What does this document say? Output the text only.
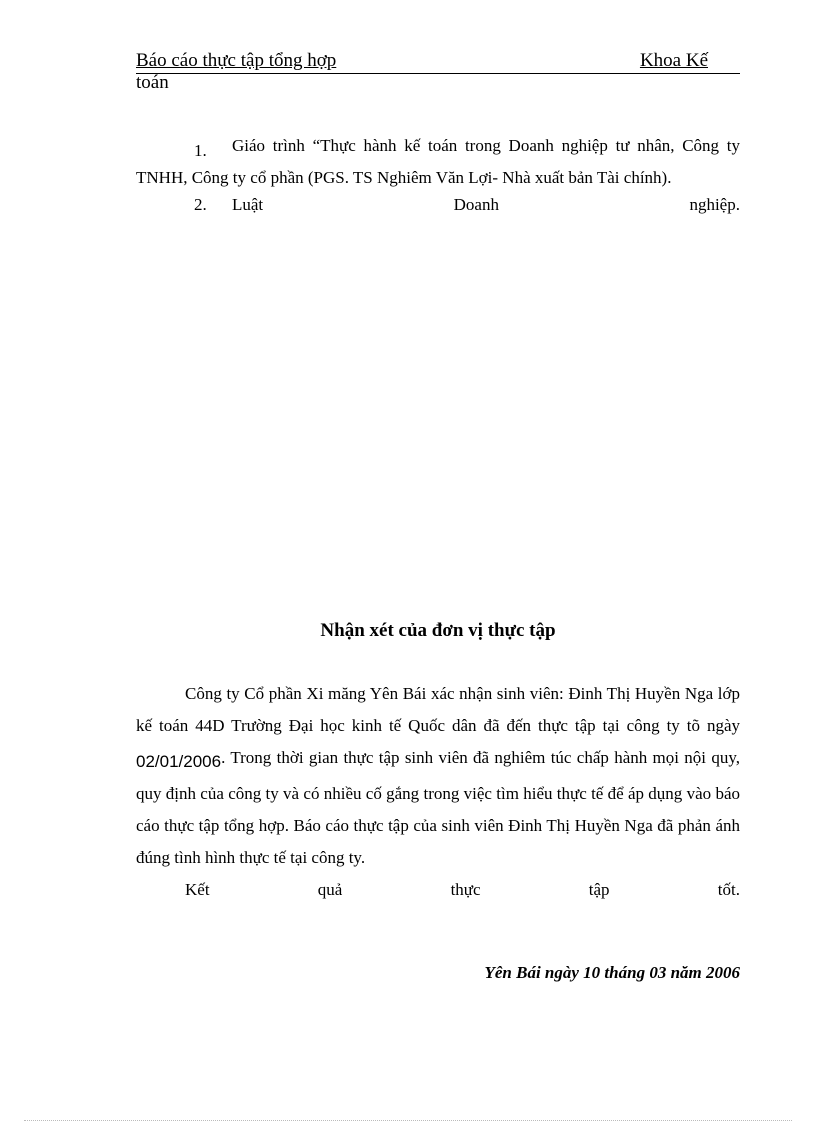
Báo cáo thực tập tổng hợp	Khoa Kế
toán
1. Giáo trình “Thực hành kế toán trong Doanh nghiệp tư nhân, Công ty TNHH, Công ty cổ phần (PGS. TS Nghiêm Văn Lợi- Nhà xuất bản Tài chính).
2.	Luật	Doanh	nghiệp.
Nhận xét của đơn vị thực tập

Công ty Cổ phần Xi măng Yên Bái xác nhận sinh viên: Đinh Thị Huyền Nga lớp kế toán 44D Trường Đại học kinh tế Quốc dân đã đến thực tập tại công ty tõ ngày 02/01/2006. Trong thời gian thực tập sinh viên đã nghiêm túc chấp hành mọi nội quy, quy định của công ty và có nhiều cố gắng trong việc tìm hiểu thực tế để áp dụng vào báo cáo thực tập tổng hợp. Báo cáo thực tập của sinh viên Đinh Thị Huyền Nga đã phản ánh đúng tình hình thực tế tại công ty.

Kết	quả	thực	tập	tốt.
Yên Bái ngày 10 tháng 03 năm 2006
